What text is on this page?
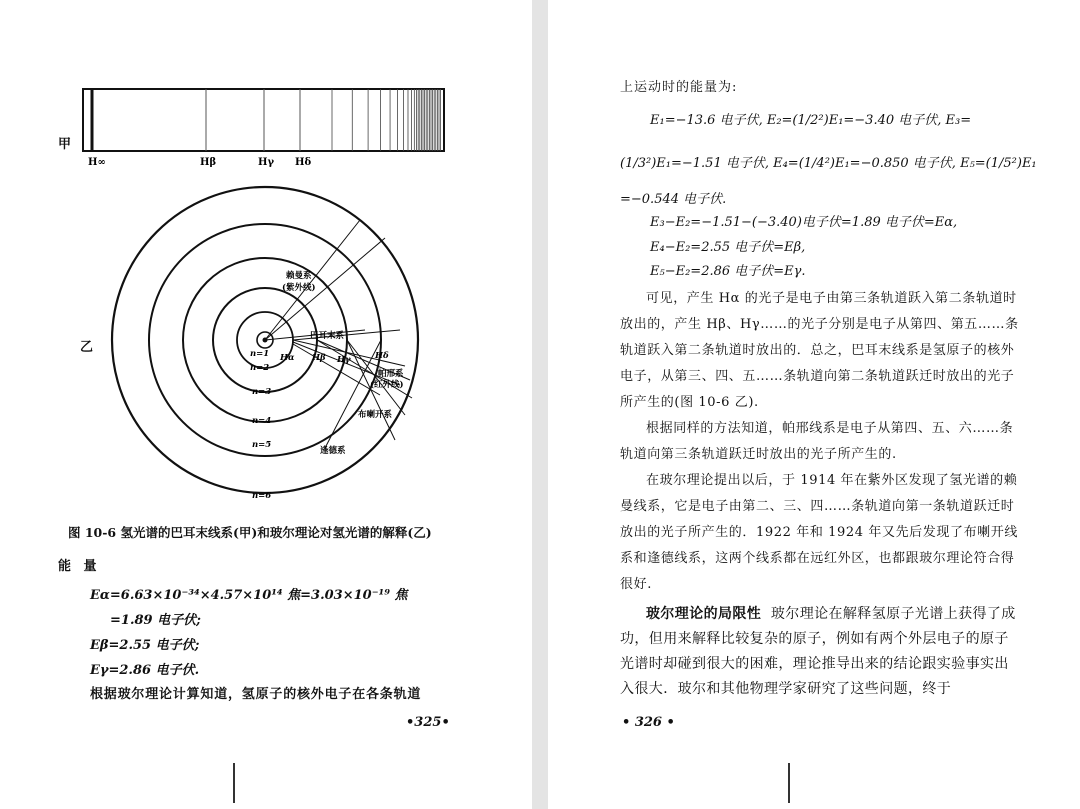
甲
H∞	Hβ	Hγ Hδ
乙	n=1
n=2
n=3
n=4
n=5
n=6
赖曼系
(紫外线)
巴耳末系
帕邢系
(红外线)
布喇开系
逢德系
Hα Hβ Hγ	Hδ
图 10-6 氢光谱的巴耳末线系(甲)和玻尔理论对氢光谱的解释(乙)
能 量
Eα=6.63×10⁻³⁴×4.57×10¹⁴ 焦=3.03×10⁻¹⁹ 焦
=1.89 电子伏;
Eβ=2.55 电子伏;
Eγ=2.86 电子伏.
根据玻尔理论计算知道，氢原子的核外电子在各条轨道
•325•
上运动时的能量为:
E₁=−13.6 电子伏, E₂=(1/2²)E₁=−3.40 电子伏, E₃=
(1/3²)E₁=−1.51 电子伏, E₄=(1/4²)E₁=−0.850 电子伏, E₅=(1/5²)E₁
=−0.544 电子伏.
E₃−E₂=−1.51−(−3.40)电子伏=1.89 电子伏=Eα,
E₄−E₂=2.55 电子伏=Eβ,
E₅−E₂=2.86 电子伏=Eγ.
可见，产生 Hα 的光子是电子由第三条轨道跃入第二条轨道时放出的，产生 Hβ、Hγ……的光子分别是电子从第四、第五……条轨道跃入第二条轨道时放出的．总之，巴耳末线系是氢原子的核外电子，从第三、四、五……条轨道向第二条轨道跃迁时放出的光子所产生的(图 10-6 乙).
根据同样的方法知道，帕邢线系是电子从第四、五、六……条轨道向第三条轨道跃迁时放出的光子所产生的.
在玻尔理论提出以后，于 1914 年在紫外区发现了氢光谱的赖曼线系，它是电子由第二、三、四……条轨道向第一条轨道跃迁时放出的光子所产生的．1922 年和 1924 年又先后发现了布喇开线系和逢德线系，这两个线系都在远红外区，也都跟玻尔理论符合得很好.
玻尔理论的局限性 玻尔理论在解释氢原子光谱上获得了成功，但用来解释比较复杂的原子，例如有两个外层电子的原子光谱时却碰到很大的困难，理论推导出来的结论跟实验事实出入很大．玻尔和其他物理学家研究了这些问题，终于
• 326 •
